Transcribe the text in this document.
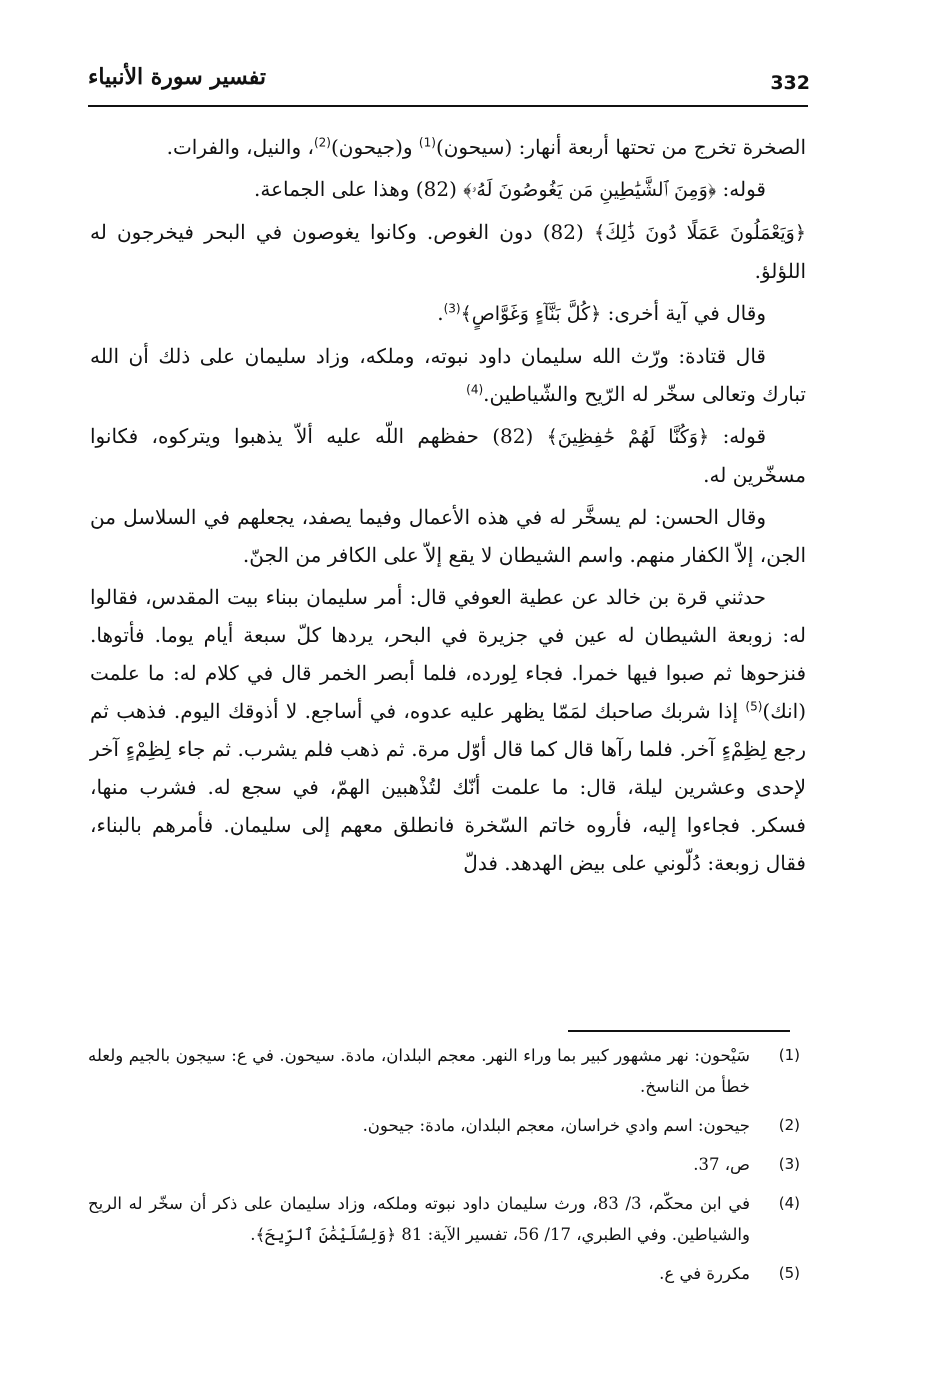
332
تفسير سورة الأنبياء

الصخرة تخرج من تحتها أربعة أنهار: (سيحون)$^{(1)}$ و(جيحون)$^{(2)}$، والنيل، والفرات.

قوله: ﴿وَمِنَ ٱلشَّيَٰطِينِ مَن يَغُوصُونَ لَهُۥ﴾ (82) وهذا على الجماعة.

﴿وَيَعْمَلُونَ عَمَلًا دُونَ ذَٰلِكَ﴾ (82) دون الغوص. وكانوا يغوصون في البحر فيخرجون له اللؤلؤ.

وقال في آية أخرى: ﴿كُلَّ بَنَّآءٍ وَغَوَّاصٍ﴾$^{(3)}$.

قال قتادة: ورّث الله سليمان داود نبوته، وملكه، وزاد سليمان على ذلك أن الله تبارك وتعالى سخّر له الرّيح والشّياطين.$^{(4)}$

قوله: ﴿وَكُنَّا لَهُمْ حَٰفِظِينَ﴾ (82) حفظهم اللّه عليه ألاّ يذهبوا ويتركوه، فكانوا مسخّرين له.

وقال الحسن: لم يسخَّر له في هذه الأعمال وفيما يصفد، يجعلهم في السلاسل من الجن، إلاّ الكفار منهم. واسم الشيطان لا يقع إلاّ على الكافر من الجنّ.

حدثني قرة بن خالد عن عطية العوفي قال: أمر سليمان ببناء بيت المقدس، فقالوا له: زوبعة الشيطان له عين في جزيرة في البحر، يردها كلّ سبعة أيام يوما. فأتوها. فنزحوها ثم صبوا فيها خمرا. فجاء لِورده، فلما أبصر الخمر قال في كلام له: ما علمت (انك)$^{(5)}$ إذا شربك صاحبك لمَمّا يظهر عليه عدوه، في أساجع. لا أذوقك اليوم. فذهب ثم رجع لِظِمْءٍ آخر. فلما رآها قال كما قال أوّل مرة. ثم ذهب فلم يشرب. ثم جاء لِظِمْءٍ آخر لإحدى وعشرين ليلة، قال: ما علمت أنّك لتُذْهبين الهمّ، في سجع له. فشرب منها، فسكر. فجاءوا إليه، فأروه خاتم السّخرة فانطلق معهم إلى سليمان. فأمرهم بالبناء، فقال زوبعة: دُلّوني على بيض الهدهد. فدلّ

(1)
سَيْحون: نهر مشهور كبير بما وراء النهر. معجم البلدان، مادة. سيحون. في ع: سيجون بالجيم ولعله خطأ من الناسخ.
(2)
جيحون: اسم وادي خراسان، معجم البلدان، مادة: جيحون.
(3)
ص، 37.
(4)
في ابن محكّم، 3/ 83، ورث سليمان داود نبوته وملكه، وزاد سليمان على ذكر أن سخّر له الريح والشياطين. وفي الطبري، 17/ 56، تفسير الآية: 81 ﴿وَلِسُلَيْمَٰنَ ٱلرِّيحَ﴾.
(5)
مكررة في ع.
